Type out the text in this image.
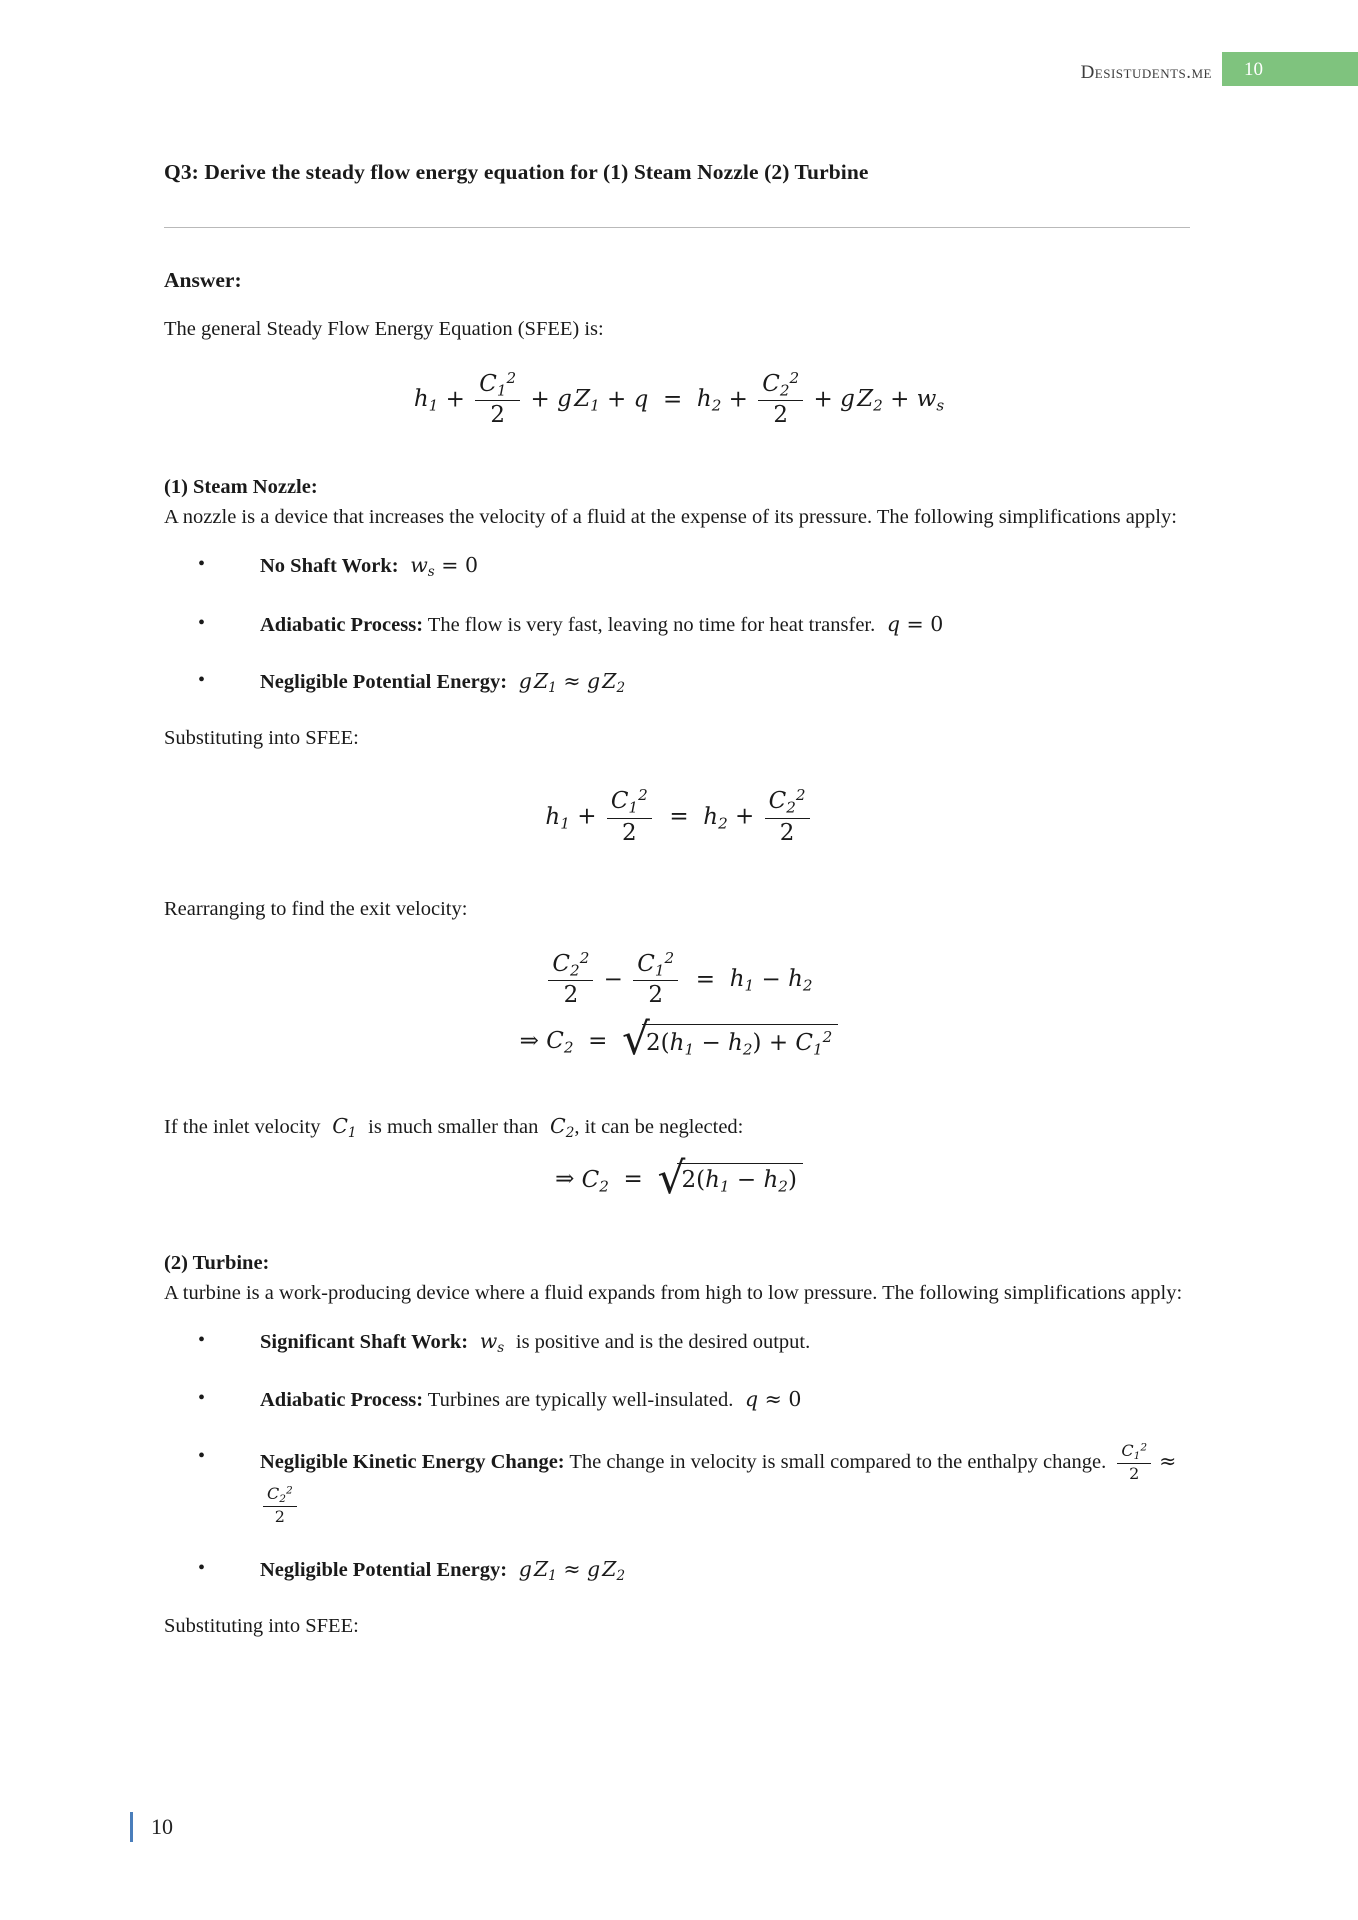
Desistudents.me 10
Q3: Derive the steady flow energy equation for (1) Steam Nozzle (2) Turbine
Answer:

The general Steady Flow Energy Equation (SFEE) is:

$h_1 + \frac{C_1^2}{2} + g$ $Z_1 + q = h_2 + \frac{C_2^2}{2} + g$ $Z_2 + w_s$
(1) Steam Nozzle:

A nozzle is a device that increases the velocity of a fluid at the expense of its pressure. The following simplifications apply:

• No Shaft Work:  $w_s = 0$
• Adiabatic Process: The flow is very fast, leaving no time for heat transfer.  q = 0
• Negligible Potential Energy:  g $Z_1 \approx g$ $Z_2$

Substituting into SFEE:

$h_1 + \frac{C_1^2}{2} = h_2 + \frac{C_2^2}{2}$

Rearranging to find the exit velocity:

$\frac{C_2^2}{2} - \frac{C_1^2}{2} = h_1 - h_2$
⇒ $C_2$  = √
$2(h_1 - h_2) + C_1^2$

If the inlet velocity  $C_1$ is much smaller than  $C_2$, it can be neglected:

⇒ $C_2$  = √
$2(h_1 - h_2)$
(2) Turbine:

A turbine is a work-producing device where a fluid expands from high to low pressure. The following simplifications apply:

• Significant Shaft Work:  $w_s$ is positive and is the desired output.
• Adiabatic Process: Turbines are typically well-insulated.  q ≈ 0
• Negligible Kinetic Energy Change: The change in velocity is small compared to the enthalpy change. $\frac{C_1^2}{2}$ ≈
$\frac{C_2^2}{2}$
• Negligible Potential Energy:  g $Z_1 \approx g$ $Z_2$

Substituting into SFEE:

10
